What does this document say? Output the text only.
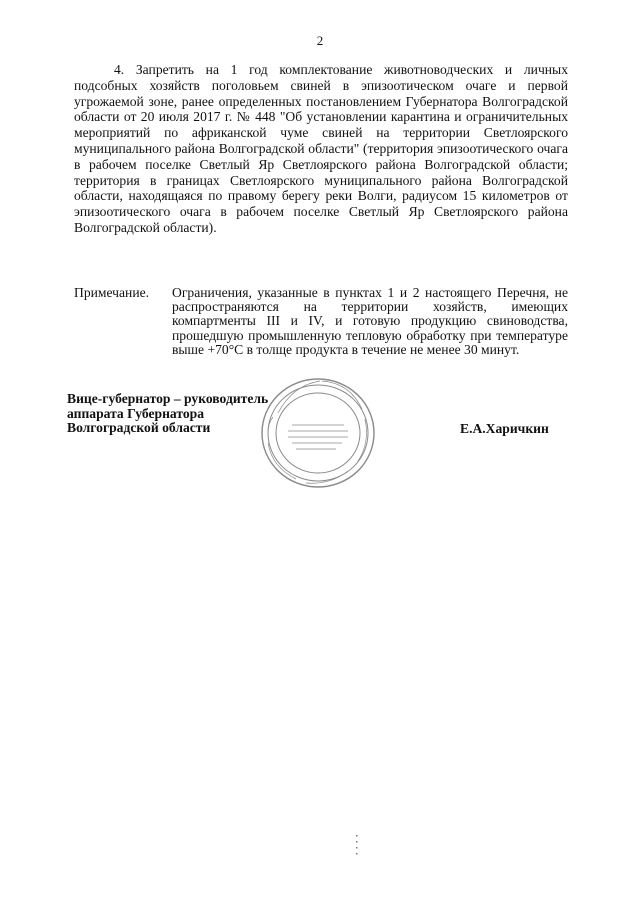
2
4. Запретить на 1 год комплектование животноводческих и личных подсобных хозяйств поголовьем свиней в эпизоотическом очаге и первой угрожаемой зоне, ранее определенных постановлением Губернатора Волгоградской области от 20 июля 2017 г. № 448 "Об установлении карантина и ограничительных мероприятий по африканской чуме свиней на территории Светлоярского муниципального района Волгоградской области" (территория эпизоотического очага в рабочем поселке Светлый Яр Светлоярского района Волгоградской области; территория в границах Светлоярского муниципального района Волгоградской области, находящаяся по правому берегу реки Волги, радиусом 15 километров от эпизоотического очага в рабочем поселке Светлый Яр Светлоярского района Волгоградской области).
Примечание. Ограничения, указанные в пунктах 1 и 2 настоящего Перечня, не распространяются на территории хозяйств, имеющих компартменты III и IV, и готовую продукцию свиноводства, прошедшую промышленную тепловую обработку при температуре выше +70°С в толще продукта в течение не менее 30 минут.
Вице-губернатор – руководитель
аппарата Губернатора
Волгоградской области	Е.А.Харичкин
